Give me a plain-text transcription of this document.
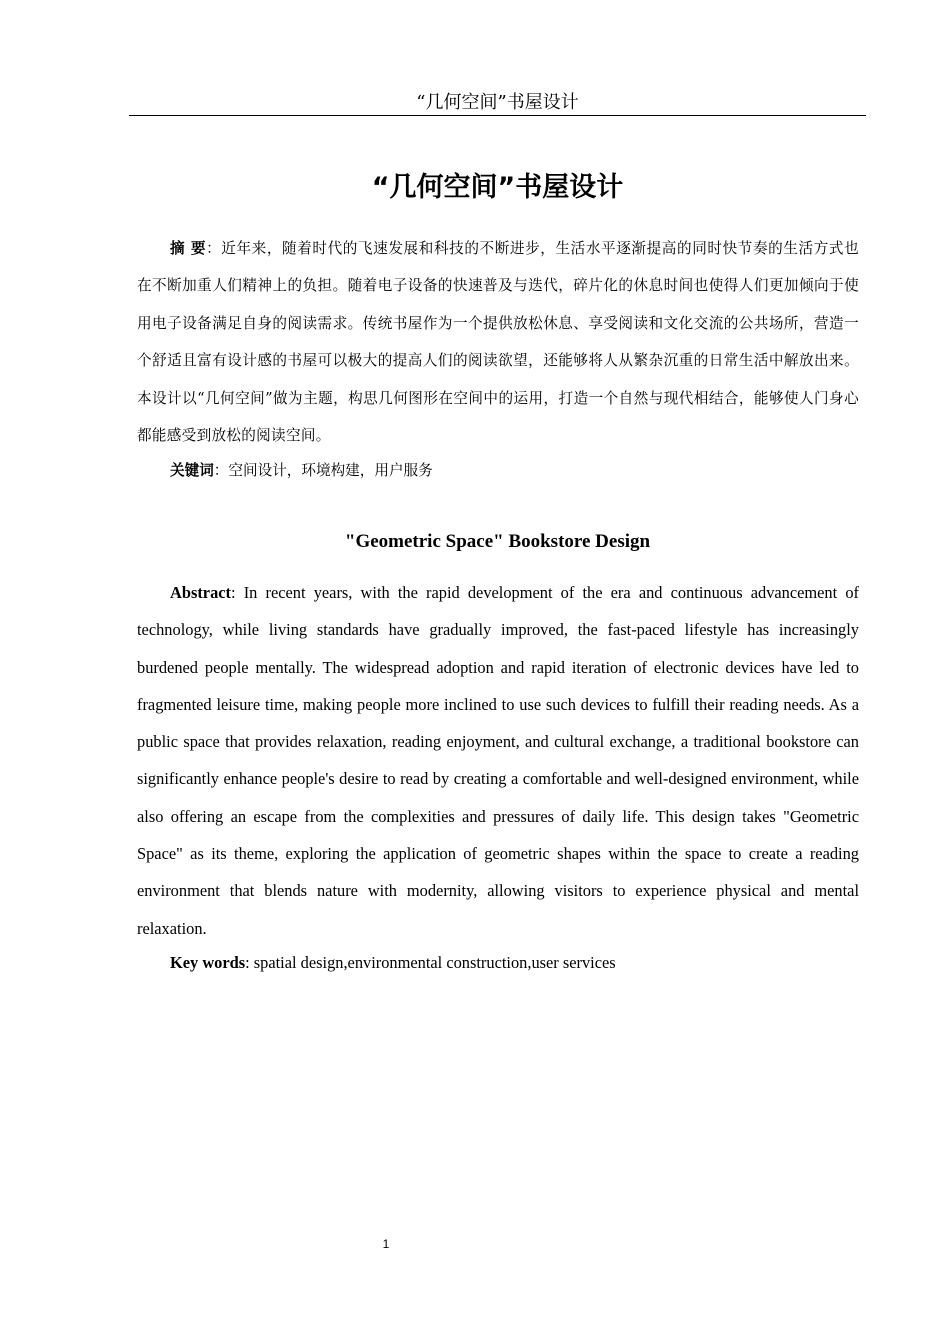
“几何空间”书屋设计
“几何空间”书屋设计

摘 要：近年来，随着时代的飞速发展和科技的不断进步，生活水平逐渐提高的同时快节奏的生活方式也在不断加重人们精神上的负担。随着电子设备的快速普及与迭代，碎片化的休息时间也使得人们更加倾向于使用电子设备满足自身的阅读需求。传统书屋作为一个提供放松休息、享受阅读和文化交流的公共场所，营造一个舒适且富有设计感的书屋可以极大的提高人们的阅读欲望，还能够将人从繁杂沉重的日常生活中解放出来。本设计以“几何空间”做为主题，构思几何图形在空间中的运用，打造一个自然与现代相结合，能够使人门身心都能感受到放松的阅读空间。

关键词：空间设计，环境构建，用户服务

"Geometric Space" Bookstore Design

Abstract: In recent years, with the rapid development of the era and continuous advancement of technology, while living standards have gradually improved, the fast-paced lifestyle has increasingly burdened people mentally. The widespread adoption and rapid iteration of electronic devices have led to fragmented leisure time, making people more inclined to use such devices to fulfill their reading needs. As a public space that provides relaxation, reading enjoyment, and cultural exchange, a traditional bookstore can significantly enhance people's desire to read by creating a comfortable and well-designed environment, while also offering an escape from the complexities and pressures of daily life. This design takes "Geometric Space" as its theme, exploring the application of geometric shapes within the space to create a reading environment that blends nature with modernity, allowing visitors to experience physical and mental relaxation.

Key words: spatial design,environmental construction,user services

1
